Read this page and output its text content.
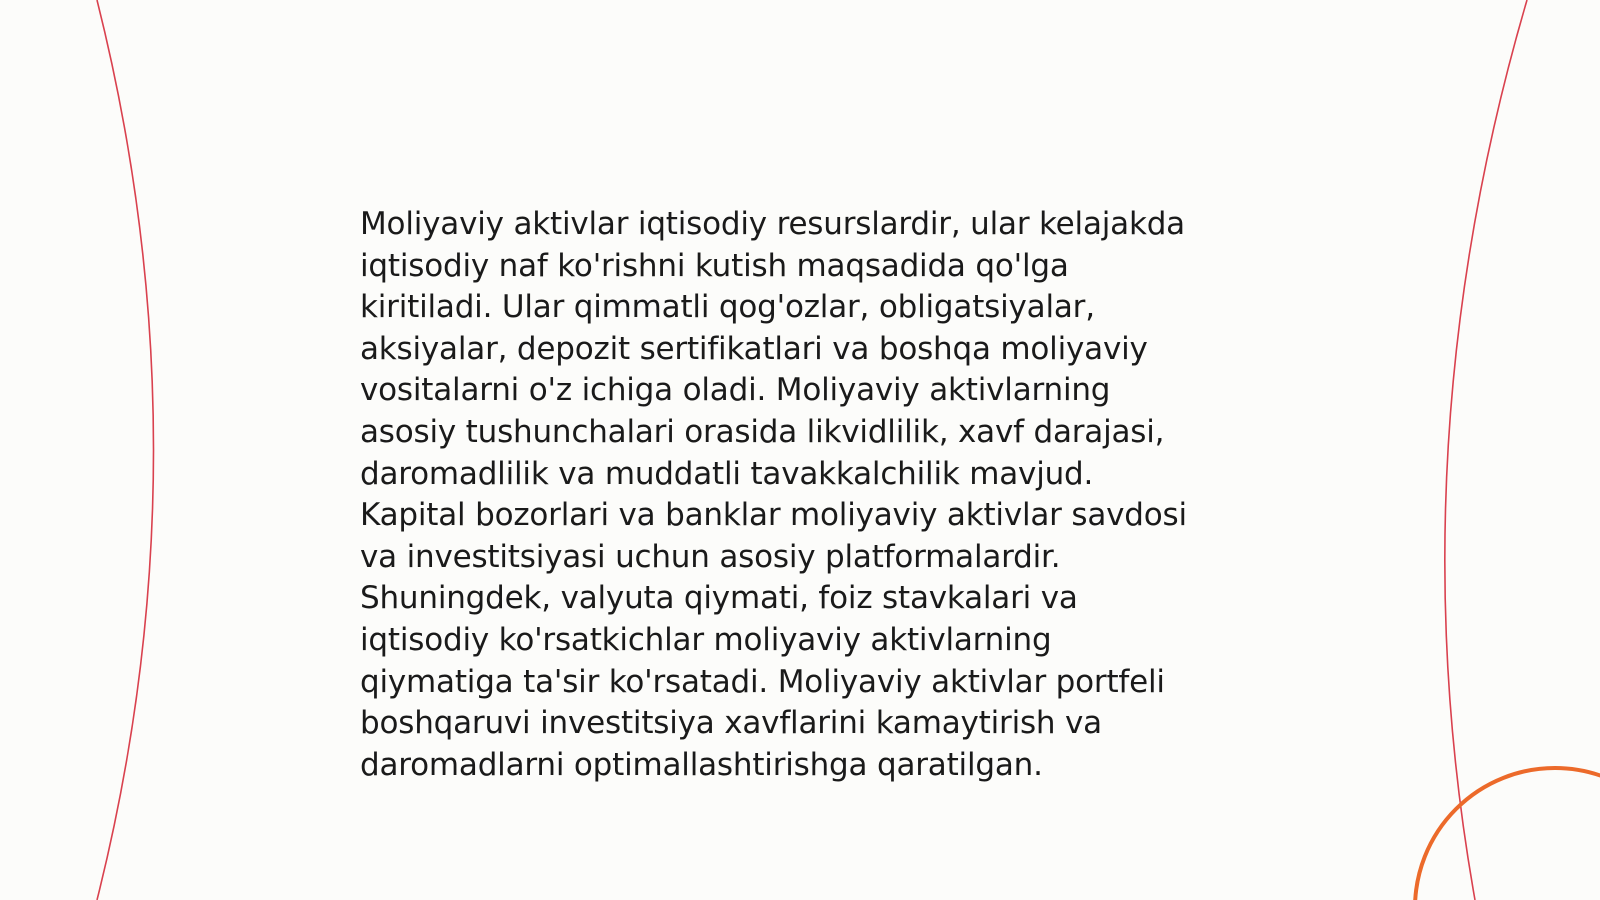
Moliyaviy aktivlar iqtisodiy resurslardir, ular kelajakda
iqtisodiy naf ko'rishni kutish maqsadida qo'lga
kiritiladi. Ular qimmatli qog'ozlar, obligatsiyalar,
aksiyalar, depozit sertifikatlari va boshqa moliyaviy
vositalarni o'z ichiga oladi. Moliyaviy aktivlarning
asosiy tushunchalari orasida likvidlilik, xavf darajasi,
daromadlilik va muddatli tavakkalchilik mavjud.
Kapital bozorlari va banklar moliyaviy aktivlar savdosi
va investitsiyasi uchun asosiy platformalardir.
Shuningdek, valyuta qiymati, foiz stavkalari va
iqtisodiy ko'rsatkichlar moliyaviy aktivlarning
qiymatiga ta'sir ko'rsatadi. Moliyaviy aktivlar portfeli
boshqaruvi investitsiya xavflarini kamaytirish va
daromadlarni optimallashtirishga qaratilgan.
